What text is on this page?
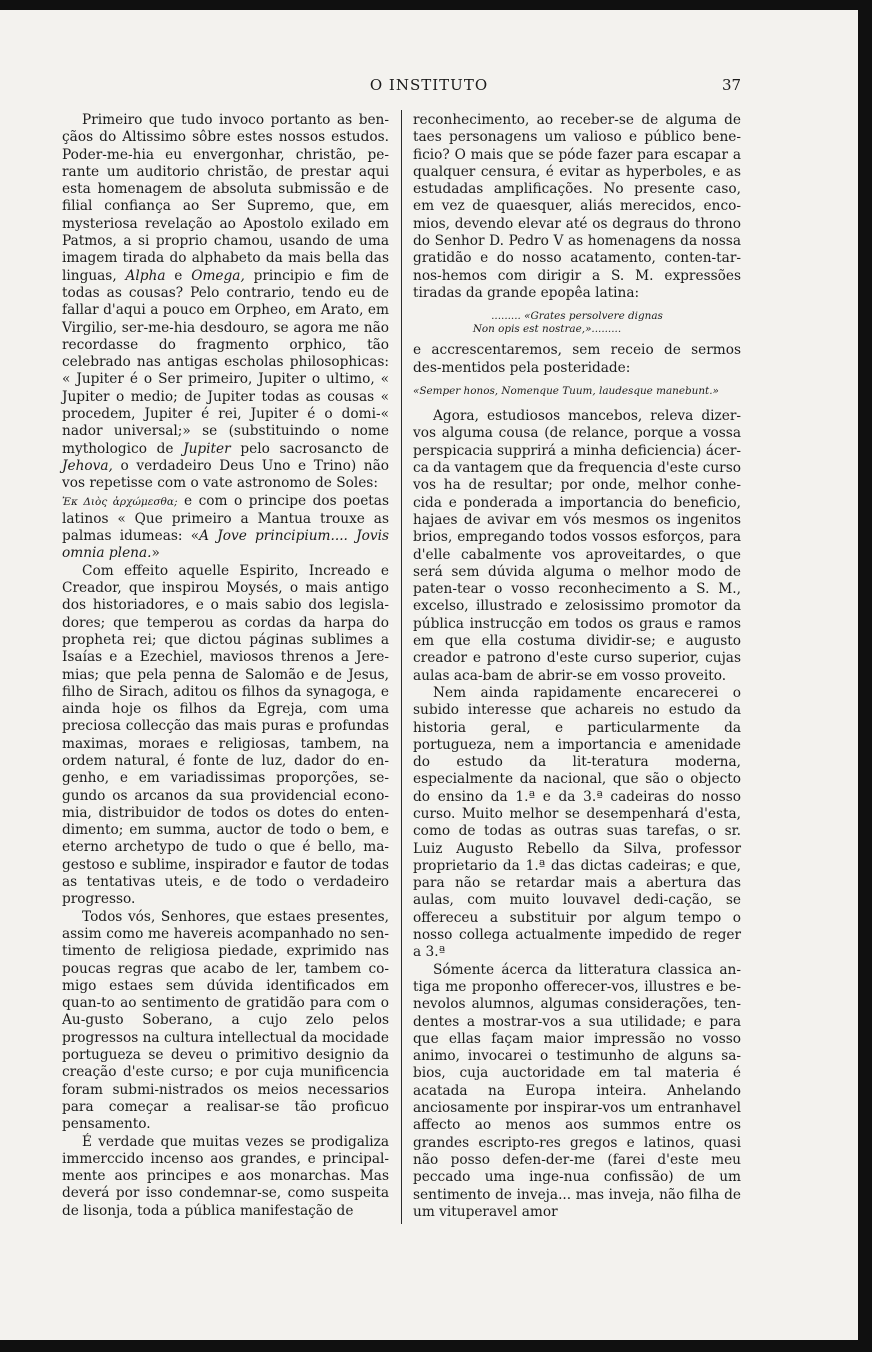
O INSTITUTO	37

Primeiro que tudo invoco portanto as ben-çãos do Altissimo sôbre estes nossos estudos. Poder-me-hia eu envergonhar, christão, pe-rante um auditorio christão, de prestar aqui esta homenagem de absoluta submissão e de filial confiança ao Ser Supremo, que, em mysteriosa revelação ao Apostolo exilado em Patmos, a si proprio chamou, usando de uma imagem tirada do alphabeto da mais bella das linguas, Alpha e Omega, principio e fim de todas as cousas? Pelo contrario, tendo eu de fallar d'aqui a pouco em Orpheo, em Arato, em Virgilio, ser-me-hia desdouro, se agora me não recordasse do fragmento orphico, tão celebrado nas antigas escholas philosophicas: « Jupiter é o Ser primeiro, Jupiter o ultimo, « Jupiter o medio; de Jupiter todas as cousas « procedem, Jupiter é rei, Jupiter é o domi-« nador universal;» se (substituindo o nome mythologico de Jupiter pelo sacrosancto de Jehova, o verdadeiro Deus Uno e Trino) não vos repetisse com o vate astronomo de Soles:

Ἐκ Διὸς ἀρχώμεσθα; e com o principe dos poetas latinos « Que primeiro a Mantua trouxe as palmas idumeas: «A Jove principium.... Jovis omnia plena.»

Com effeito aquelle Espirito, Increado e Creador, que inspirou Moysés, o mais antigo dos historiadores, e o mais sabio dos legisla-dores; que temperou as cordas da harpa do propheta rei; que dictou páginas sublimes a Isaías e a Ezechiel, maviosos threnos a Jere-mias; que pela penna de Salomão e de Jesus, filho de Sirach, aditou os filhos da synagoga, e ainda hoje os filhos da Egreja, com uma preciosa collecção das mais puras e profundas maximas, moraes e religiosas, tambem, na ordem natural, é fonte de luz, dador do en-genho, e em variadissimas proporções, se-gundo os arcanos da sua providencial econo-mia, distribuidor de todos os dotes do enten-dimento; em summa, auctor de todo o bem, e eterno archetypo de tudo o que é bello, ma-gestoso e sublime, inspirador e fautor de todas as tentativas uteis, e de todo o verdadeiro progresso.

Todos vós, Senhores, que estaes presentes, assim como me havereis acompanhado no sen-timento de religiosa piedade, exprimido nas poucas regras que acabo de ler, tambem co-migo estaes sem dúvida identificados em quan-to ao sentimento de gratidão para com o Au-gusto Soberano, a cujo zelo pelos progressos na cultura intellectual da mocidade portugueza se deveu o primitivo designio da creação d'este curso; e por cuja munificencia foram submi-nistrados os meios necessarios para começar a realisar-se tão proficuo pensamento.

É verdade que muitas vezes se prodigaliza immerccido incenso aos grandes, e principal-mente aos principes e aos monarchas. Mas deverá por isso condemnar-se, como suspeita de lisonja, toda a pública manifestação de

reconhecimento, ao receber-se de alguma de taes personagens um valioso e público bene-ficio? O mais que se póde fazer para escapar a qualquer censura, é evitar as hyperboles, e as estudadas amplificações. No presente caso, em vez de quaesquer, aliás merecidos, enco-mios, devendo elevar até os degraus do throno do Senhor D. Pedro V as homenagens da nossa gratidão e do nosso acatamento, conten-tar-nos-hemos com dirigir a S. M. expressões tiradas da grande epopêa latina:

......... «Grates persolvere dignas
Non opis est nostrae,».........

e accrescentaremos, sem receio de sermos des-mentidos pela posteridade:

«Semper honos, Nomenque Tuum, laudesque manebunt.»

Agora, estudiosos mancebos, releva dizer-vos alguma cousa (de relance, porque a vossa perspicacia supprirá a minha deficiencia) ácer-ca da vantagem que da frequencia d'este curso vos ha de resultar; por onde, melhor conhe-cida e ponderada a importancia do beneficio, hajaes de avivar em vós mesmos os ingenitos brios, empregando todos vossos esforços, para d'elle cabalmente vos aproveitardes, o que será sem dúvida alguma o melhor modo de paten-tear o vosso reconhecimento a S. M., excelso, illustrado e zelosissimo promotor da pública instrucção em todos os graus e ramos em que ella costuma dividir-se; e augusto creador e patrono d'este curso superior, cujas aulas aca-bam de abrir-se em vosso proveito.

Nem ainda rapidamente encarecerei o subido interesse que achareis no estudo da historia geral, e particularmente da portugueza, nem a importancia e amenidade do estudo da lit-teratura moderna, especialmente da nacional, que são o objecto do ensino da 1.ª e da 3.ª cadeiras do nosso curso. Muito melhor se desempenhará d'esta, como de todas as outras suas tarefas, o sr. Luiz Augusto Rebello da Silva, professor proprietario da 1.ª das dictas cadeiras; e que, para não se retardar mais a abertura das aulas, com muito louvavel dedi-cação, se offereceu a substituir por algum tempo o nosso collega actualmente impedido de reger a 3.ª

Sómente ácerca da litteratura classica an-tiga me proponho offerecer-vos, illustres e be-nevolos alumnos, algumas considerações, ten-dentes a mostrar-vos a sua utilidade; e para que ellas façam maior impressão no vosso animo, invocarei o testimunho de alguns sa-bios, cuja auctoridade em tal materia é acatada na Europa inteira. Anhelando anciosamente por inspirar-vos um entranhavel affecto ao menos aos summos entre os grandes escripto-res gregos e latinos, quasi não posso defen-der-me (farei d'este meu peccado uma inge-nua confissão) de um sentimento de inveja... mas inveja, não filha de um vituperavel amor
